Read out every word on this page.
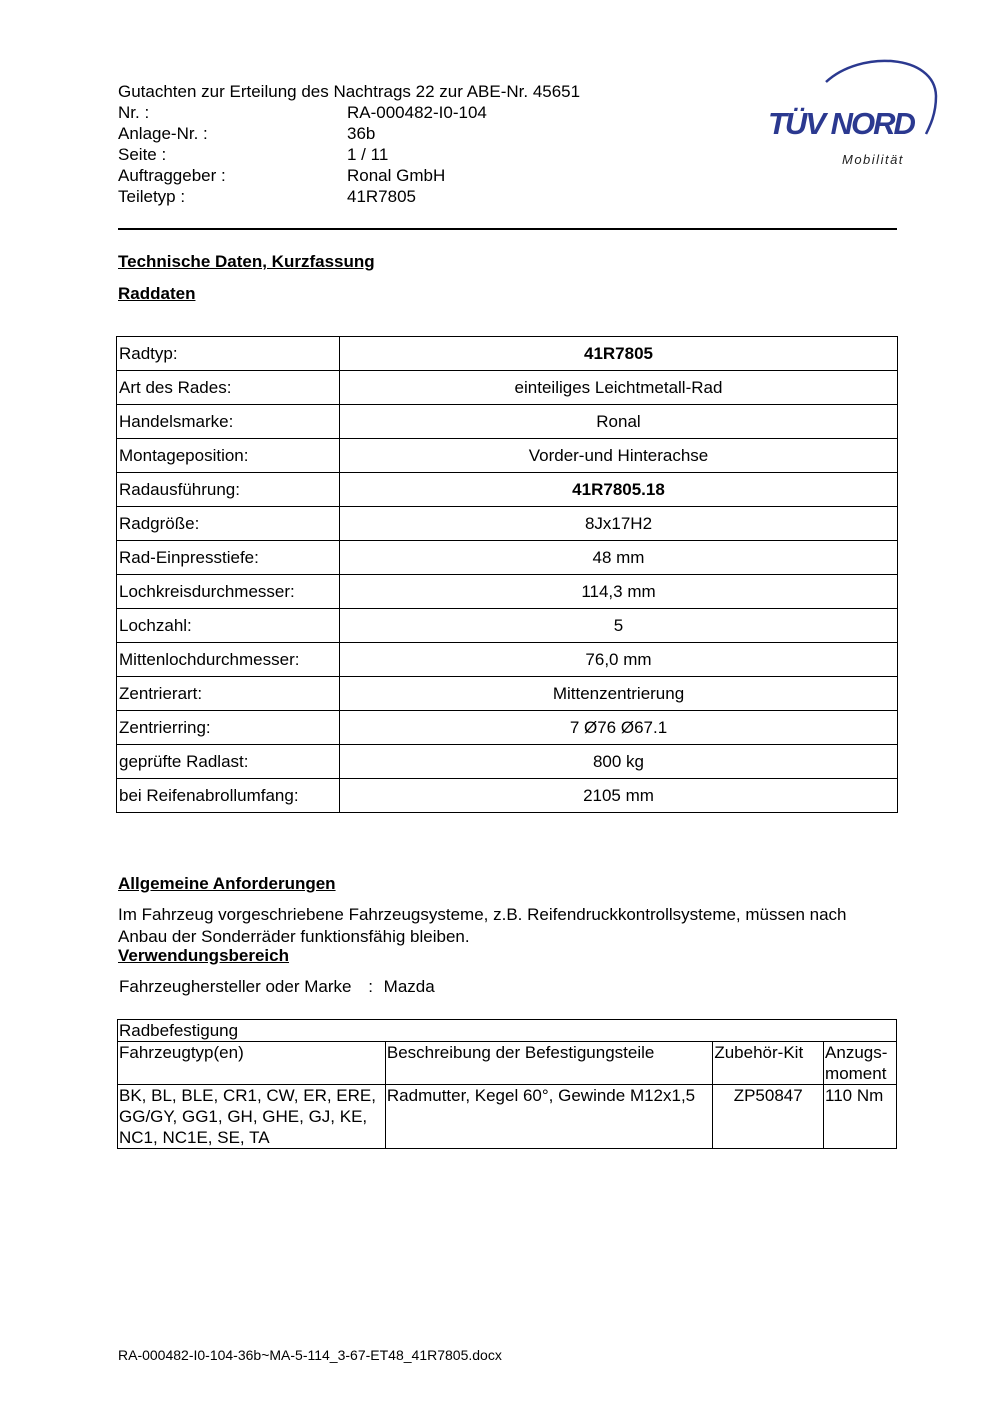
Gutachten zur Erteilung des Nachtrags 22 zur ABE-Nr. 45651
Nr. :	RA-000482-I0-104
Anlage-Nr. :	36b
Seite :	1 / 11
Auftraggeber :	Ronal GmbH
Teiletyp :	41R7805
TÜV NORD
Mobilität
Technische Daten, Kurzfassung
Raddaten
Radtyp:	41R7805
Art des Rades:	einteiliges Leichtmetall-Rad
Handelsmarke:	Ronal
Montageposition:	Vorder-und Hinterachse
Radausführung:	41R7805.18
Radgröße:	8Jx17H2
Rad-Einpresstiefe:	48 mm
Lochkreisdurchmesser:	114,3 mm
Lochzahl:	5
Mittenlochdurchmesser:	76,0 mm
Zentrierart:	Mittenzentrierung
Zentrierring:	7 Ø76 Ø67.1
geprüfte Radlast:	800 kg
bei Reifenabrollumfang:	2105 mm
Allgemeine Anforderungen
Im Fahrzeug vorgeschriebene Fahrzeugsysteme, z.B. Reifendruckkontrollsysteme, müssen nach Anbau der Sonderräder funktionsfähig bleiben.
Verwendungsbereich
Fahrzeughersteller oder Marke : Mazda
Radbefestigung			
Fahrzeugtyp(en)	Beschreibung der Befestigungsteile	Zubehör-Kit	Anzugs- moment
BK, BL, BLE, CR1, CW, ER, ERE, GG/GY, GG1, GH, GHE, GJ, KE, NC1, NC1E, SE, TA	Radmutter, Kegel 60°, Gewinde M12x1,5	ZP50847	110 Nm
RA-000482-I0-104-36b~MA-5-114_3-67-ET48_41R7805.docx
